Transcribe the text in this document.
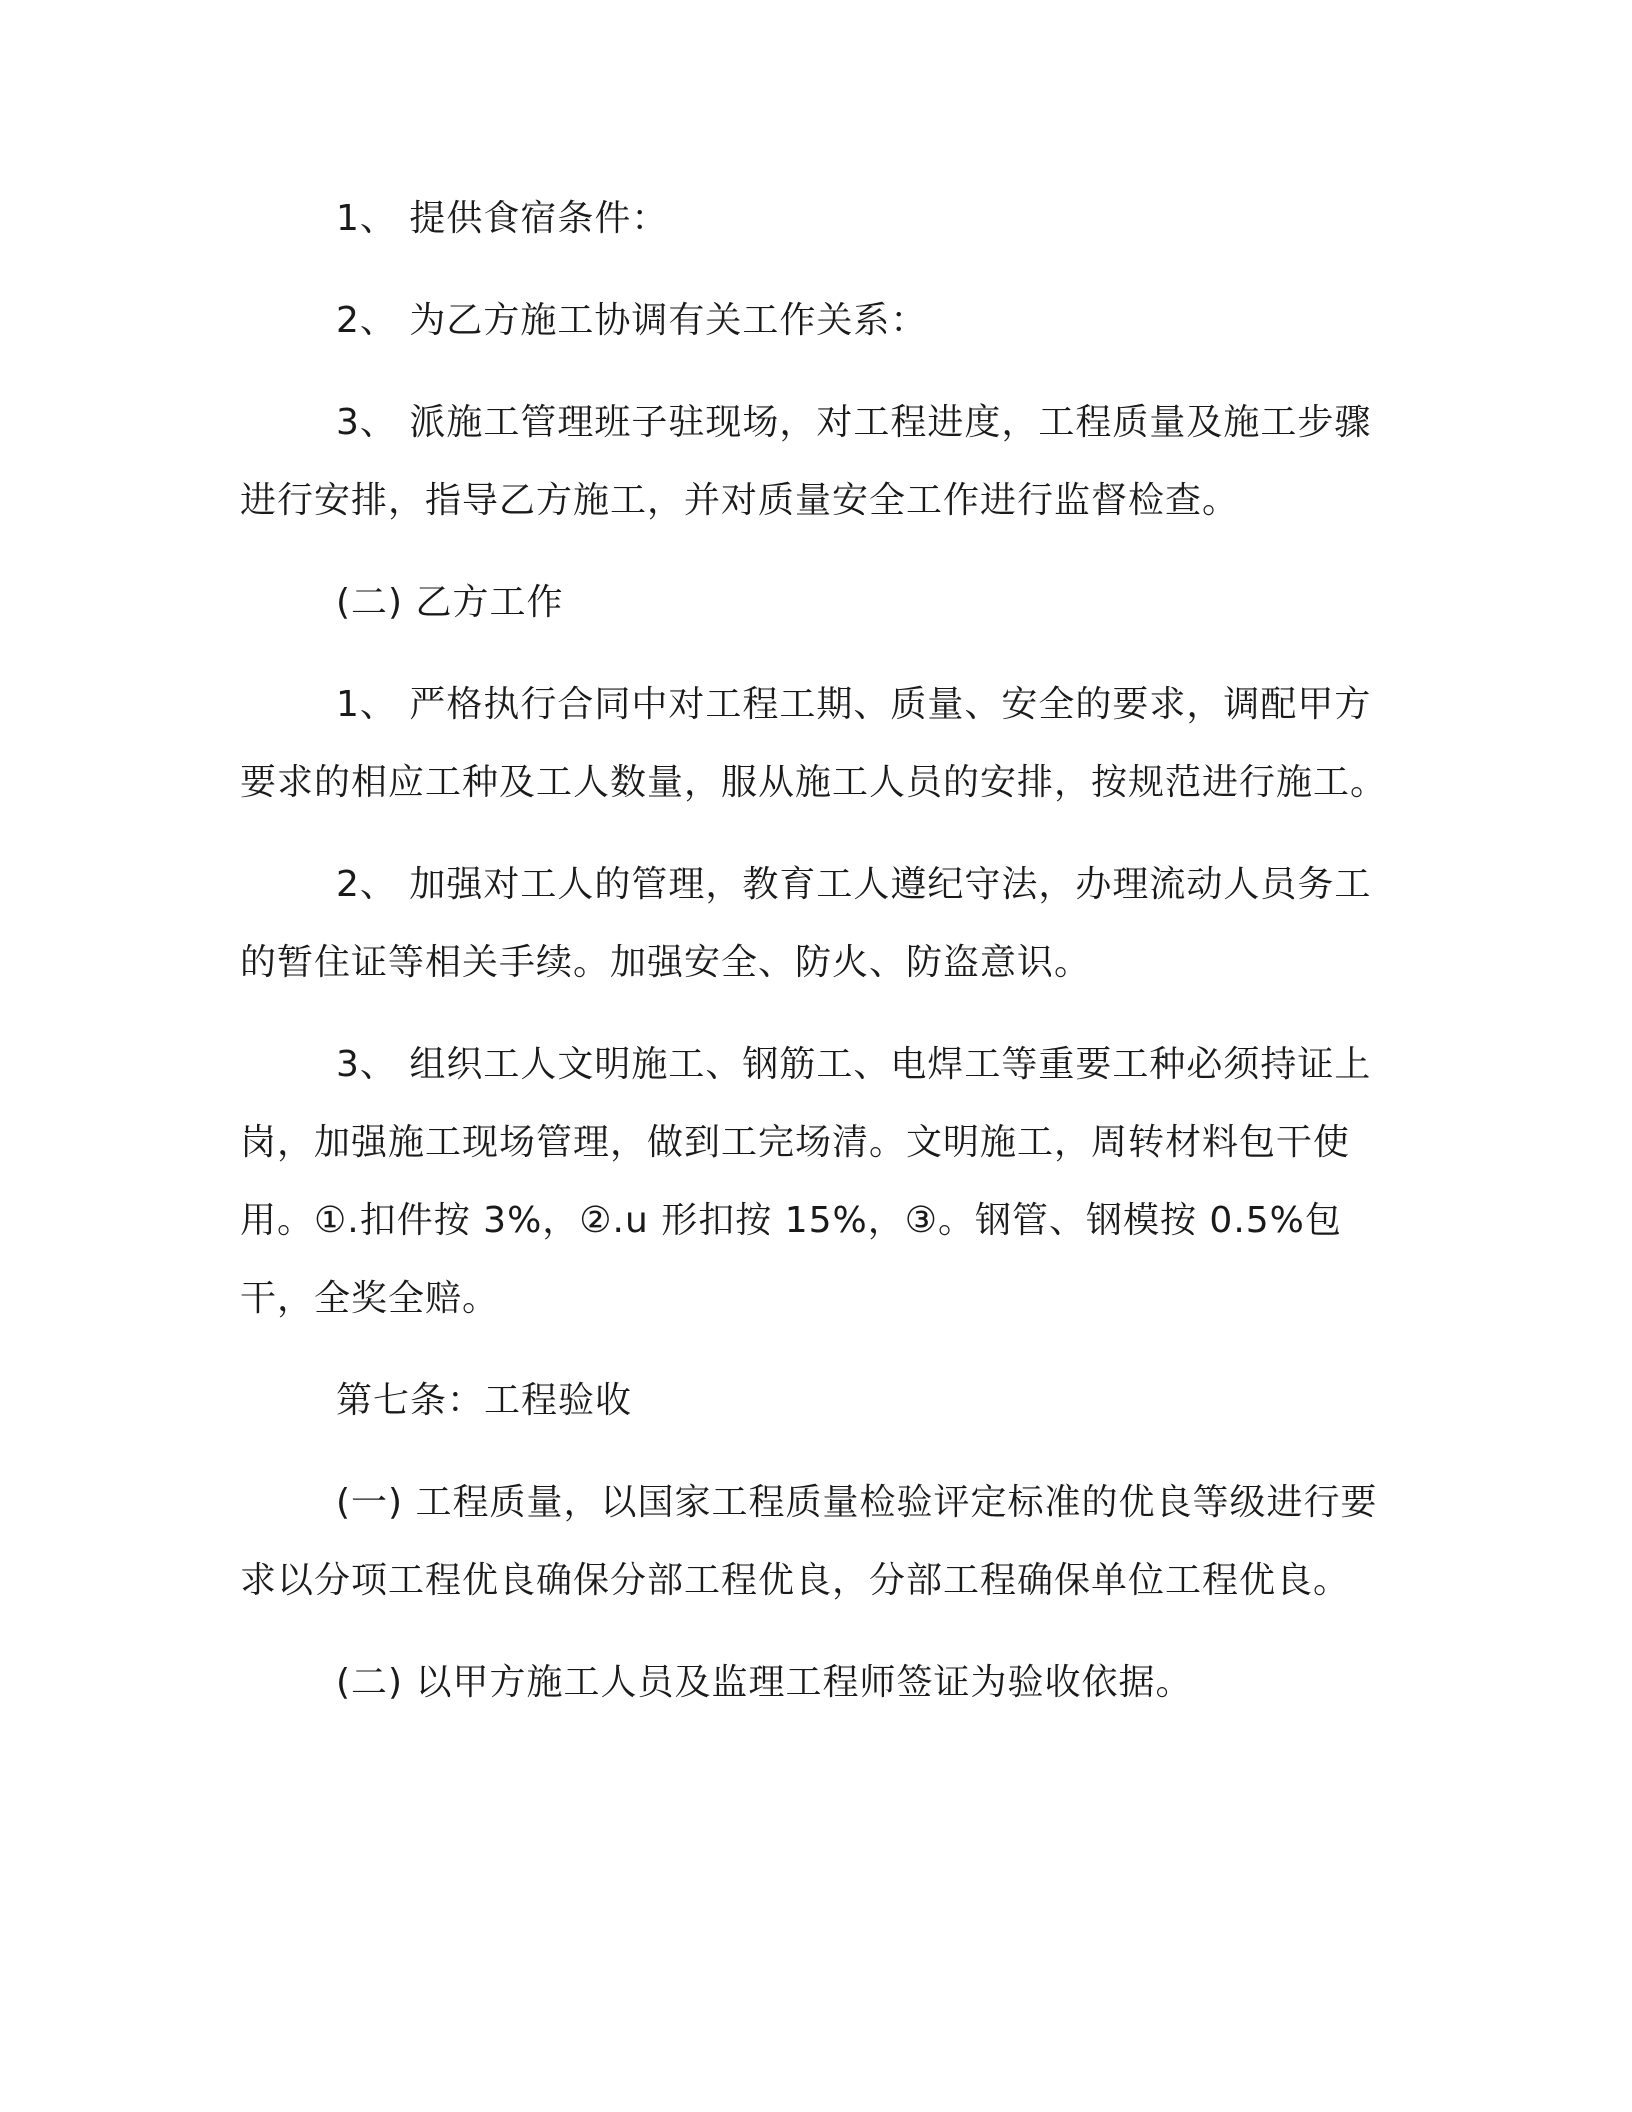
1、 提供食宿条件：

2、 为乙方施工协调有关工作关系：

3、 派施工管理班子驻现场，对工程进度，工程质量及施工步骤进行安排，指导乙方施工，并对质量安全工作进行监督检查。

(二) 乙方工作

1、 严格执行合同中对工程工期、质量、安全的要求，调配甲方要求的相应工种及工人数量，服从施工人员的安排，按规范进行施工。

2、 加强对工人的管理，教育工人遵纪守法，办理流动人员务工的暂住证等相关手续。加强安全、防火、防盗意识。

3、 组织工人文明施工、钢筋工、电焊工等重要工种必须持证上岗，加强施工现场管理，做到工完场清。文明施工，周转材料包干使用。①.扣件按 3%，②.u 形扣按 15%，③。钢管、钢模按 0.5%包干，全奖全赔。

第七条：工程验收

(一) 工程质量，以国家工程质量检验评定标准的优良等级进行要求以分项工程优良确保分部工程优良，分部工程确保单位工程优良。

(二) 以甲方施工人员及监理工程师签证为验收依据。
